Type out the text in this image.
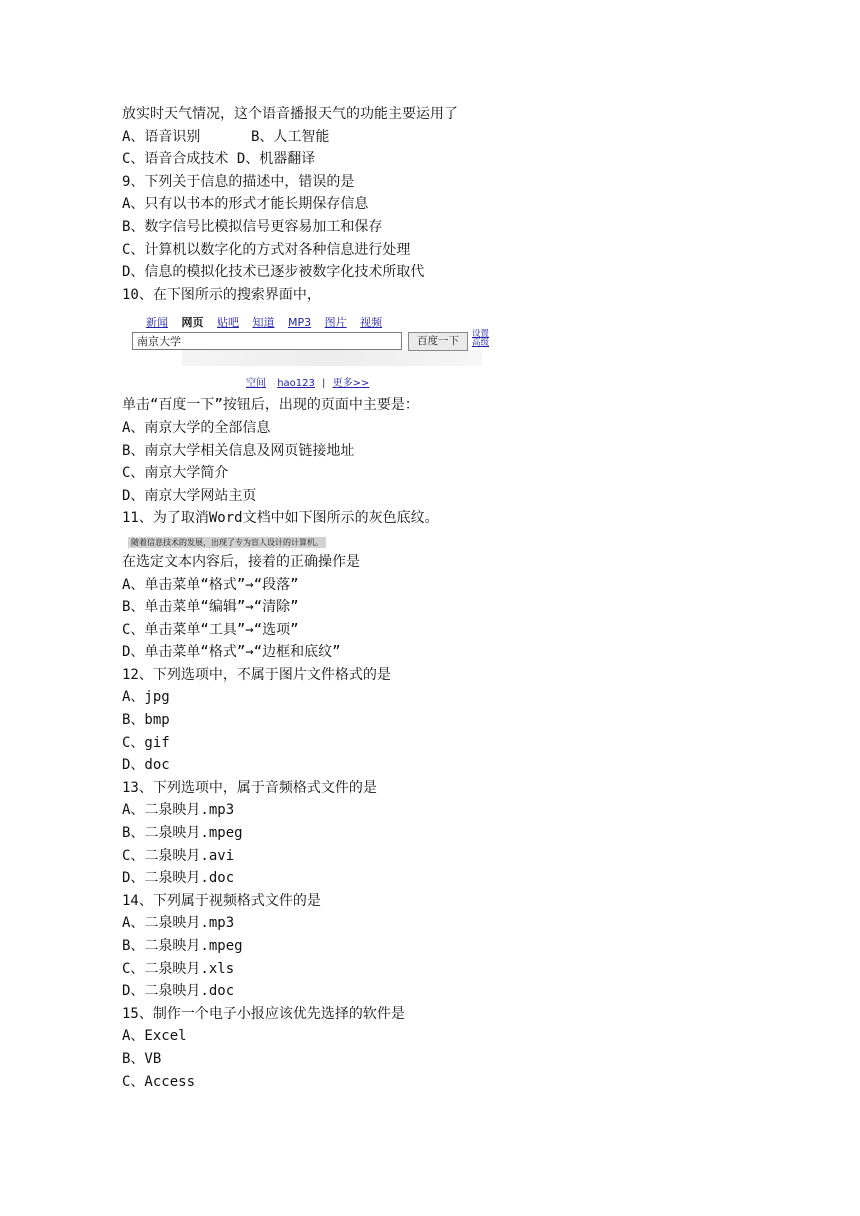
放实时天气情况，这个语音播报天气的功能主要运用了
A、语音识别      B、人工智能
C、语音合成技术 D、机器翻译
9、下列关于信息的描述中，错误的是
A、只有以书本的形式才能长期保存信息
B、数字信号比模拟信号更容易加工和保存
C、计算机以数字化的方式对各种信息进行处理
D、信息的模拟化技术已逐步被数字化技术所取代
10、在下图所示的搜索界面中，
新闻 网页 贴吧 知道 MP3 图片 视频
南京大学	百度一下
设置
高级
空间 hao123 | 更多>>
单击“百度一下”按钮后，出现的页面中主要是：
A、南京大学的全部信息
B、南京大学相关信息及网页链接地址
C、南京大学简介
D、南京大学网站主页
11、为了取消Word文档中如下图所示的灰色底纹。
随着信息技术的发展，出现了专为盲人设计的计算机。
在选定文本内容后，接着的正确操作是
A、单击菜单“格式”→“段落”
B、单击菜单“编辑”→“清除”
C、单击菜单“工具”→“选项”
D、单击菜单“格式”→“边框和底纹”
12、下列选项中，不属于图片文件格式的是
A、jpg
B、bmp
C、gif
D、doc
13、下列选项中，属于音频格式文件的是
A、二泉映月.mp3
B、二泉映月.mpeg
C、二泉映月.avi
D、二泉映月.doc
14、下列属于视频格式文件的是
A、二泉映月.mp3
B、二泉映月.mpeg
C、二泉映月.xls
D、二泉映月.doc
15、制作一个电子小报应该优先选择的软件是
A、Excel
B、VB
C、Access
